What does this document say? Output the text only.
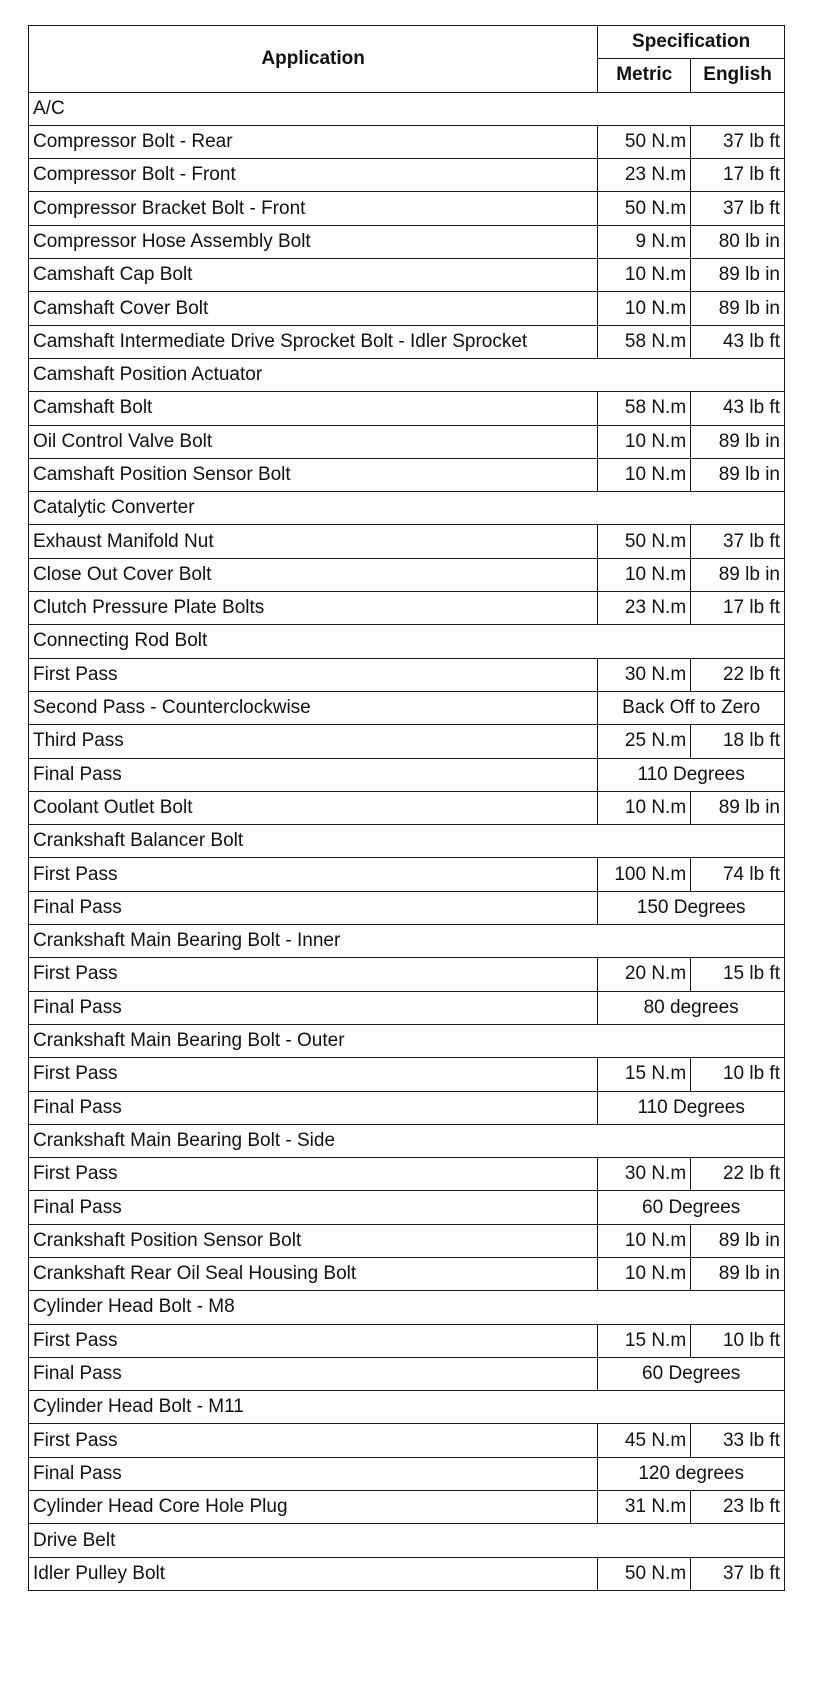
Application	Specification	
	Metric	English
A/C		
Compressor Bolt - Rear	50 N.m	37 lb ft
Compressor Bolt - Front	23 N.m	17 lb ft
Compressor Bracket Bolt - Front	50 N.m	37 lb ft
Compressor Hose Assembly Bolt	9 N.m	80 lb in
Camshaft Cap Bolt	10 N.m	89 lb in
Camshaft Cover Bolt	10 N.m	89 lb in
Camshaft Intermediate Drive Sprocket Bolt - Idler Sprocket	58 N.m	43 lb ft
Camshaft Position Actuator		
Camshaft Bolt	58 N.m	43 lb ft
Oil Control Valve Bolt	10 N.m	89 lb in
Camshaft Position Sensor Bolt	10 N.m	89 lb in
Catalytic Converter		
Exhaust Manifold Nut	50 N.m	37 lb ft
Close Out Cover Bolt	10 N.m	89 lb in
Clutch Pressure Plate Bolts	23 N.m	17 lb ft
Connecting Rod Bolt		
First Pass	30 N.m	22 lb ft
Second Pass - Counterclockwise	Back Off to Zero	
Third Pass	25 N.m	18 lb ft
Final Pass	110 Degrees	
Coolant Outlet Bolt	10 N.m	89 lb in
Crankshaft Balancer Bolt		
First Pass	100 N.m	74 lb ft
Final Pass	150 Degrees	
Crankshaft Main Bearing Bolt - Inner		
First Pass	20 N.m	15 lb ft
Final Pass	80 degrees	
Crankshaft Main Bearing Bolt - Outer		
First Pass	15 N.m	10 lb ft
Final Pass	110 Degrees	
Crankshaft Main Bearing Bolt - Side		
First Pass	30 N.m	22 lb ft
Final Pass	60 Degrees	
Crankshaft Position Sensor Bolt	10 N.m	89 lb in
Crankshaft Rear Oil Seal Housing Bolt	10 N.m	89 lb in
Cylinder Head Bolt - M8		
First Pass	15 N.m	10 lb ft
Final Pass	60 Degrees	
Cylinder Head Bolt - M11		
First Pass	45 N.m	33 lb ft
Final Pass	120 degrees	
Cylinder Head Core Hole Plug	31 N.m	23 lb ft
Drive Belt		
Idler Pulley Bolt	50 N.m	37 lb ft
